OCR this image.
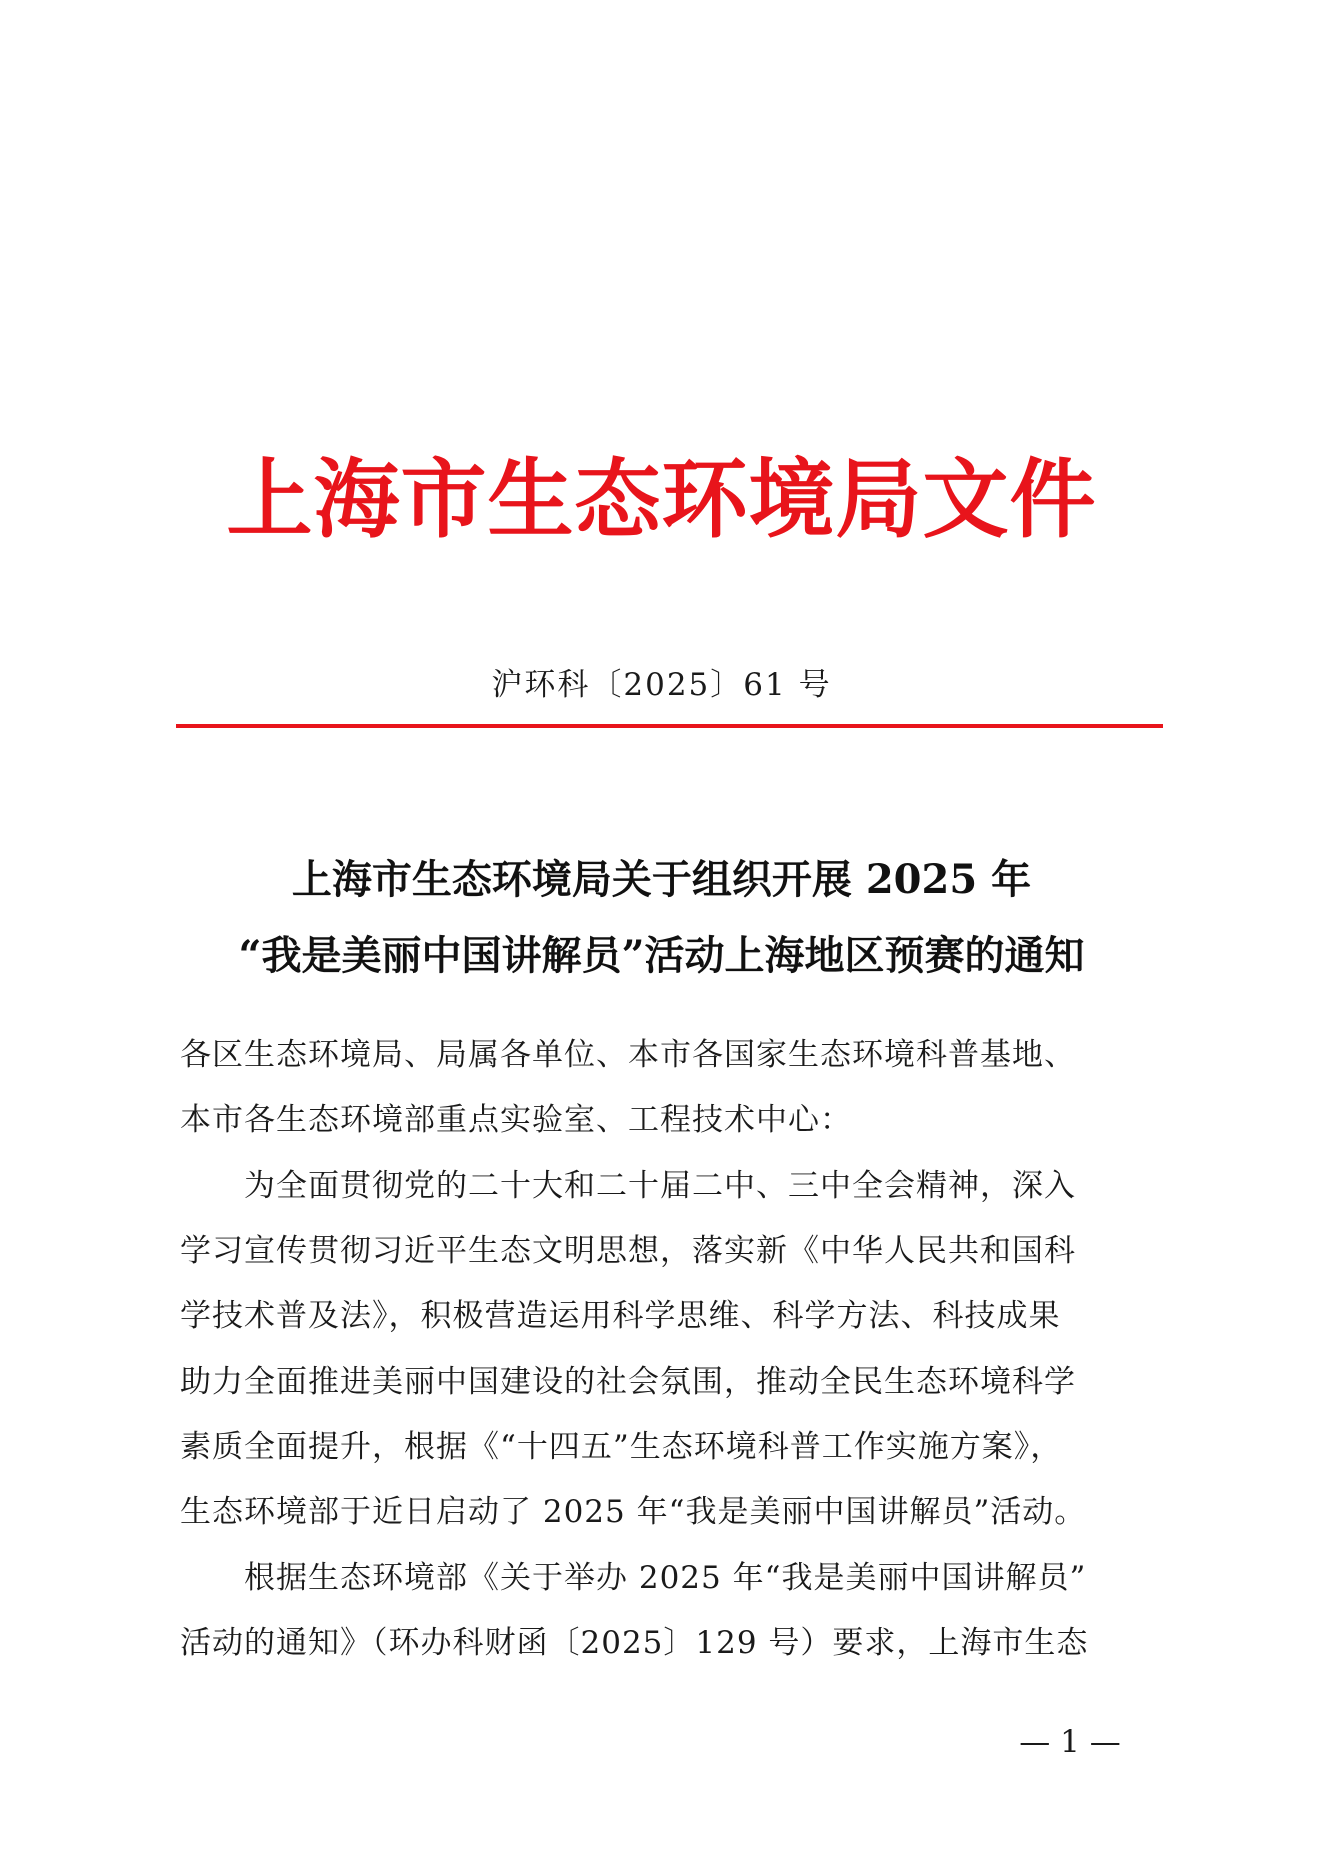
上海市生态环境局文件
沪环科〔2025〕61 号
上海市生态环境局关于组织开展 2025 年
“我是美丽中国讲解员”活动上海地区预赛的通知
各区生态环境局、局属各单位、本市各国家生态环境科普基地、
本市各生态环境部重点实验室、工程技术中心：
　　为全面贯彻党的二十大和二十届二中、三中全会精神，深入
学习宣传贯彻习近平生态文明思想，落实新《中华人民共和国科
学技术普及法》，积极营造运用科学思维、科学方法、科技成果
助力全面推进美丽中国建设的社会氛围，推动全民生态环境科学
素质全面提升，根据《“十四五”生态环境科普工作实施方案》，
生态环境部于近日启动了 2025 年“我是美丽中国讲解员”活动。
　　根据生态环境部《关于举办 2025 年“我是美丽中国讲解员”
活动的通知》（环办科财函〔2025〕129 号）要求，上海市生态
— 1 —
